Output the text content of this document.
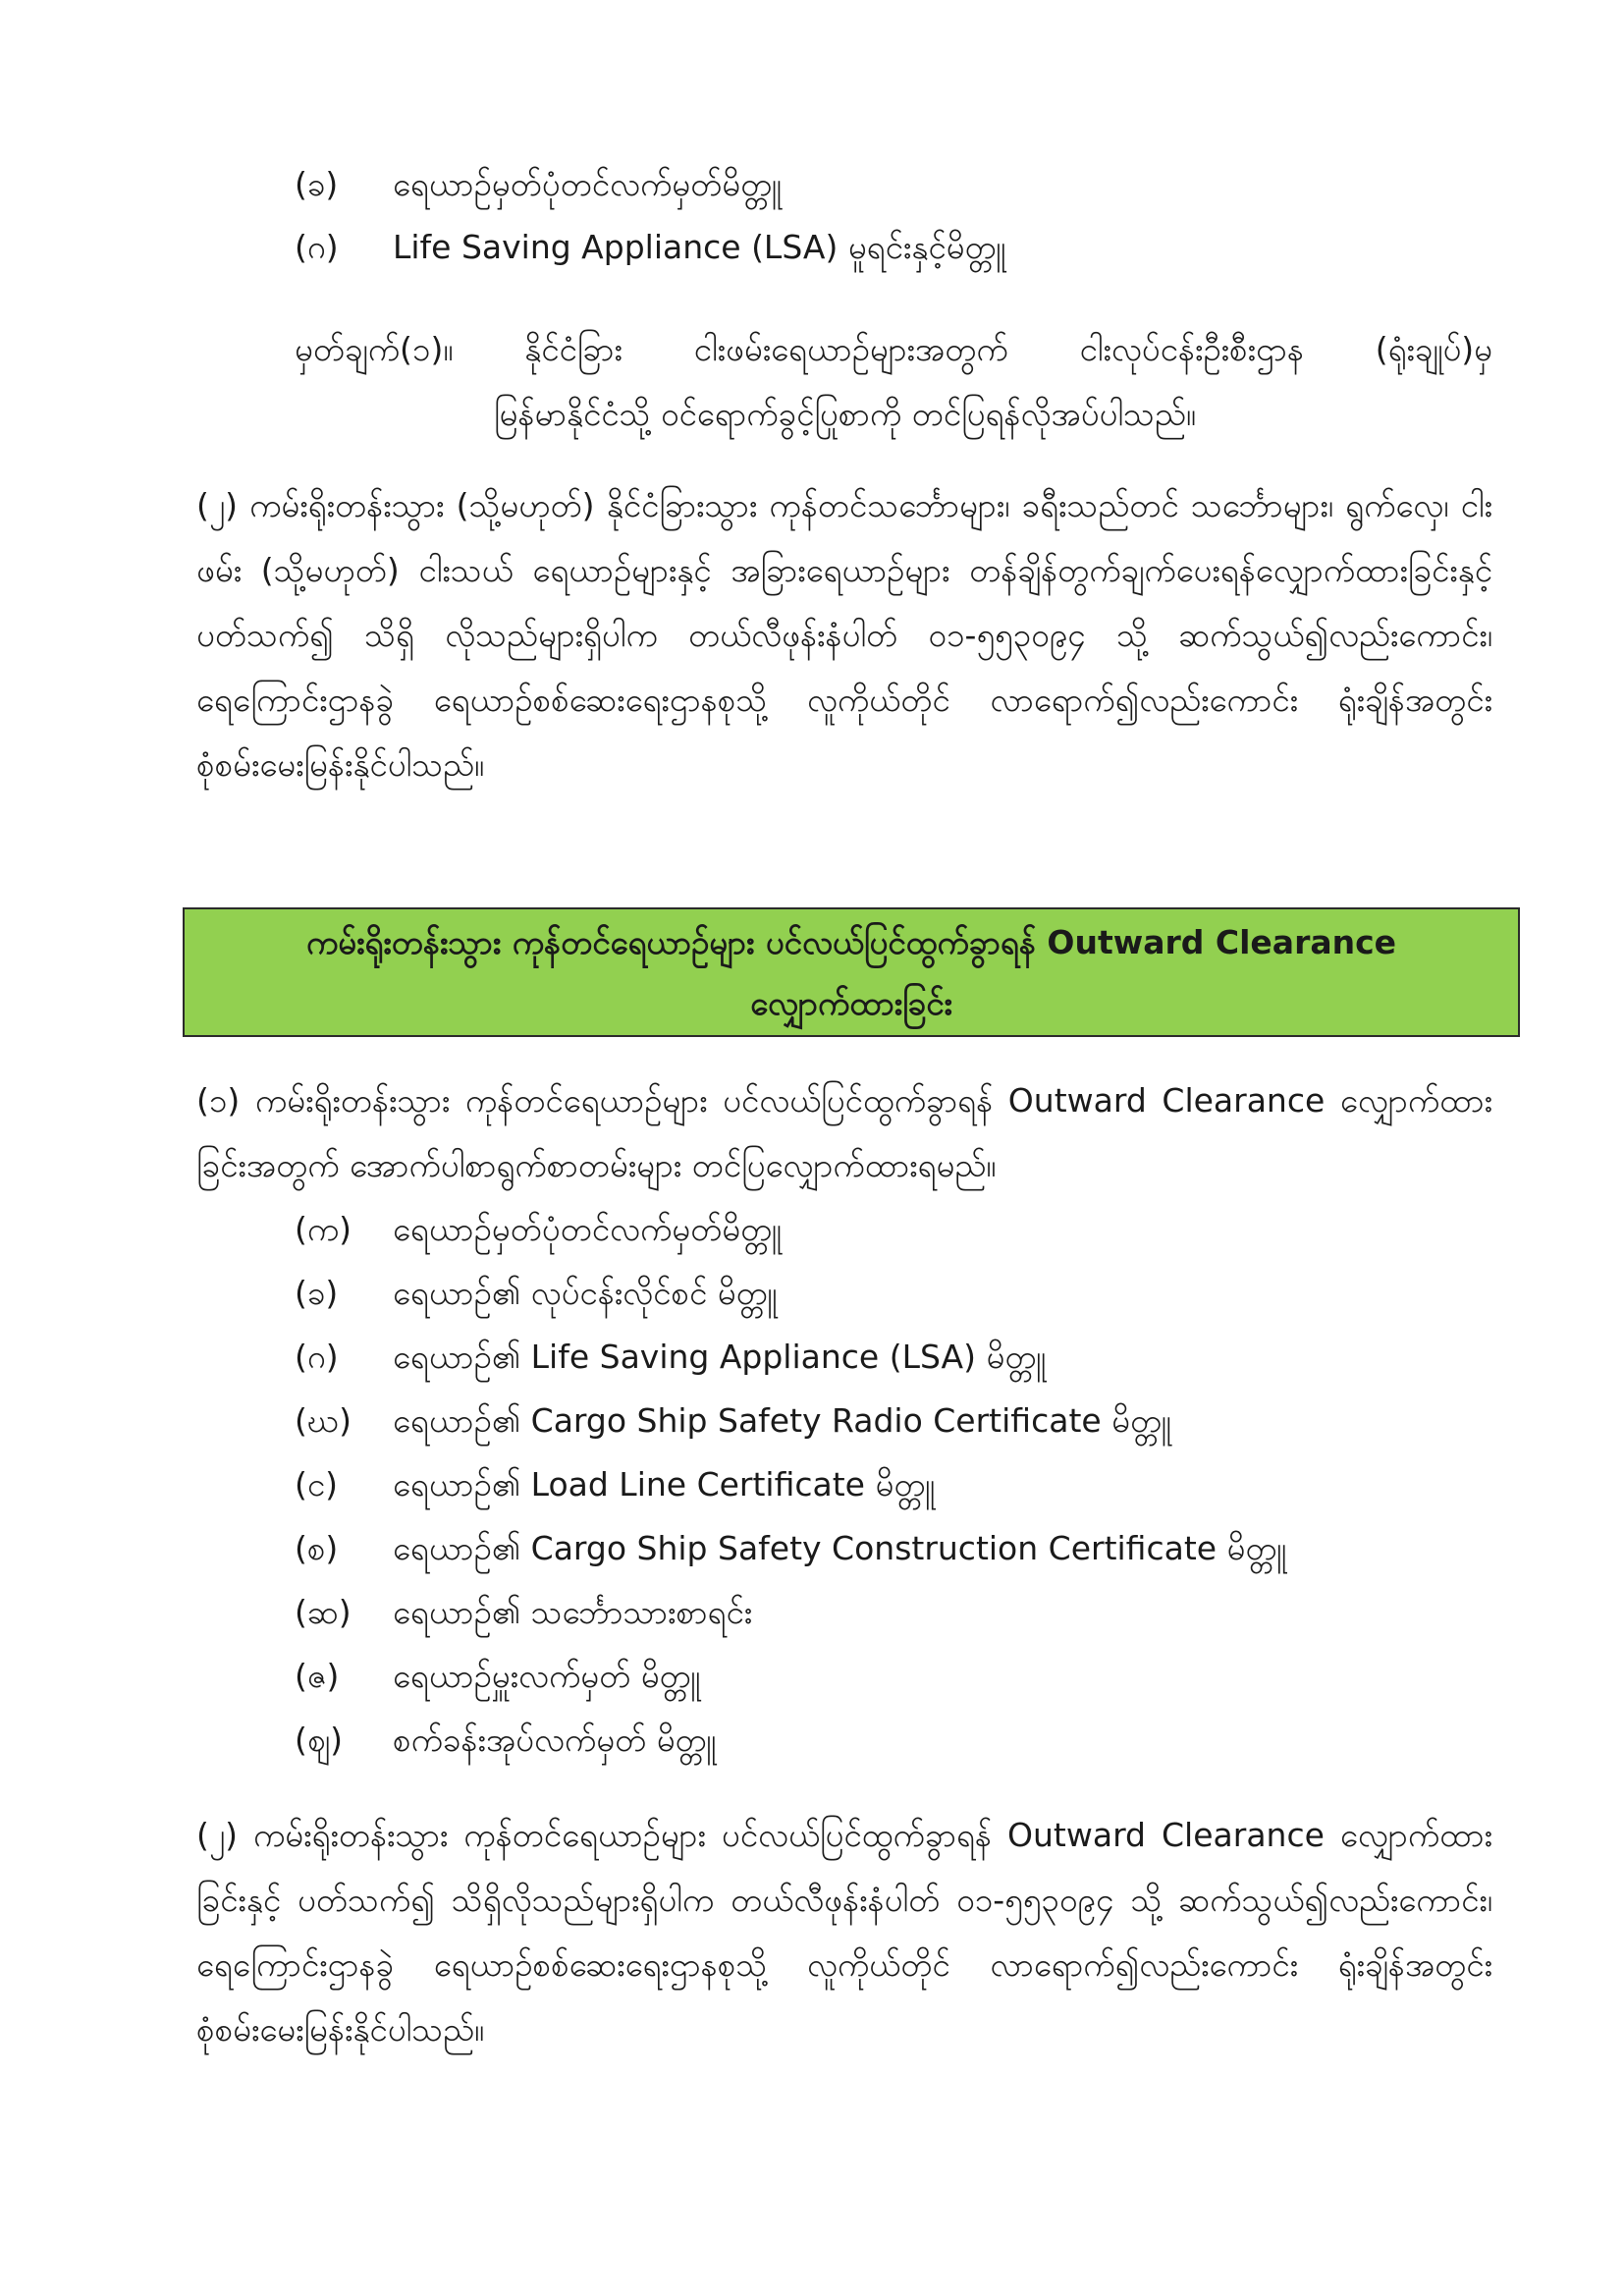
(ခ) ရေယာဉ်မှတ်ပုံတင်လက်မှတ်မိတ္တူ
(ဂ) Life Saving Appliance (LSA) မူရင်းနှင့်မိတ္တူ
မှတ်ချက်(၁)။ နိုင်ငံခြား ငါးဖမ်းရေယာဉ်များအတွက် ငါးလုပ်ငန်းဦးစီးဌာန (ရုံးချုပ်)မှ
မြန်မာနိုင်ငံသို့ ဝင်ရောက်ခွင့်ပြုစာကို တင်ပြရန်လိုအပ်ပါသည်။
(၂) ကမ်းရိုးတန်းသွား (သို့မဟုတ်) နိုင်ငံခြားသွား ကုန်တင်သင်္ဘောများ၊ ခရီးသည်တင် သင်္ဘောများ၊ ရွက်လှေ၊ ငါးဖမ်း (သို့မဟုတ်) ငါးသယ် ရေယာဉ်များနှင့် အခြားရေယာဉ်များ တန်ချိန်တွက်ချက်ပေးရန်လျှောက်ထားခြင်းနှင့် ပတ်သက်၍ သိရှိ လိုသည်များရှိပါက တယ်လီဖုန်းနံပါတ် ၀၁-၅၅၃၀၉၄ သို့ ဆက်သွယ်၍လည်းကောင်း၊ ရေကြောင်းဌာနခွဲ ရေယာဉ်စစ်ဆေးရေးဌာနစုသို့ လူကိုယ်တိုင် လာရောက်၍လည်းကောင်း ရုံးချိန်အတွင်း စုံစမ်းမေးမြန်းနိုင်ပါသည်။
ကမ်းရိုးတန်းသွား ကုန်တင်ရေယာဉ်များ ပင်လယ်ပြင်ထွက်ခွာရန် Outward Clearance
လျှောက်ထားခြင်း
(၁) ကမ်းရိုးတန်းသွား ကုန်တင်ရေယာဉ်များ ပင်လယ်ပြင်ထွက်ခွာရန် Outward Clearance လျှောက်ထားခြင်းအတွက် အောက်ပါစာရွက်စာတမ်းများ တင်ပြလျှောက်ထားရမည်။
(က) ရေယာဉ်မှတ်ပုံတင်လက်မှတ်မိတ္တူ
(ခ) ရေယာဉ်၏ လုပ်ငန်းလိုင်စင် မိတ္တူ
(ဂ) ရေယာဉ်၏ Life Saving Appliance (LSA) မိတ္တူ
(ဃ) ရေယာဉ်၏ Cargo Ship Safety Radio Certificate မိတ္တူ
(င) ရေယာဉ်၏ Load Line Certificate မိတ္တူ
(စ) ရေယာဉ်၏ Cargo Ship Safety Construction Certificate မိတ္တူ
(ဆ) ရေယာဉ်၏ သင်္ဘောသားစာရင်း
(ဇ) ရေယာဉ်မှူးလက်မှတ် မိတ္တူ
(ဈ) စက်ခန်းအုပ်လက်မှတ် မိတ္တူ
(၂) ကမ်းရိုးတန်းသွား ကုန်တင်ရေယာဉ်များ ပင်လယ်ပြင်ထွက်ခွာရန် Outward Clearance လျှောက်ထားခြင်းနှင့် ပတ်သက်၍ သိရှိလိုသည်များရှိပါက တယ်လီဖုန်းနံပါတ် ၀၁-၅၅၃၀၉၄ သို့ ဆက်သွယ်၍လည်းကောင်း၊ ရေကြောင်းဌာနခွဲ ရေယာဉ်စစ်ဆေးရေးဌာနစုသို့ လူကိုယ်တိုင် လာရောက်၍လည်းကောင်း ရုံးချိန်အတွင်း စုံစမ်းမေးမြန်းနိုင်ပါသည်။
